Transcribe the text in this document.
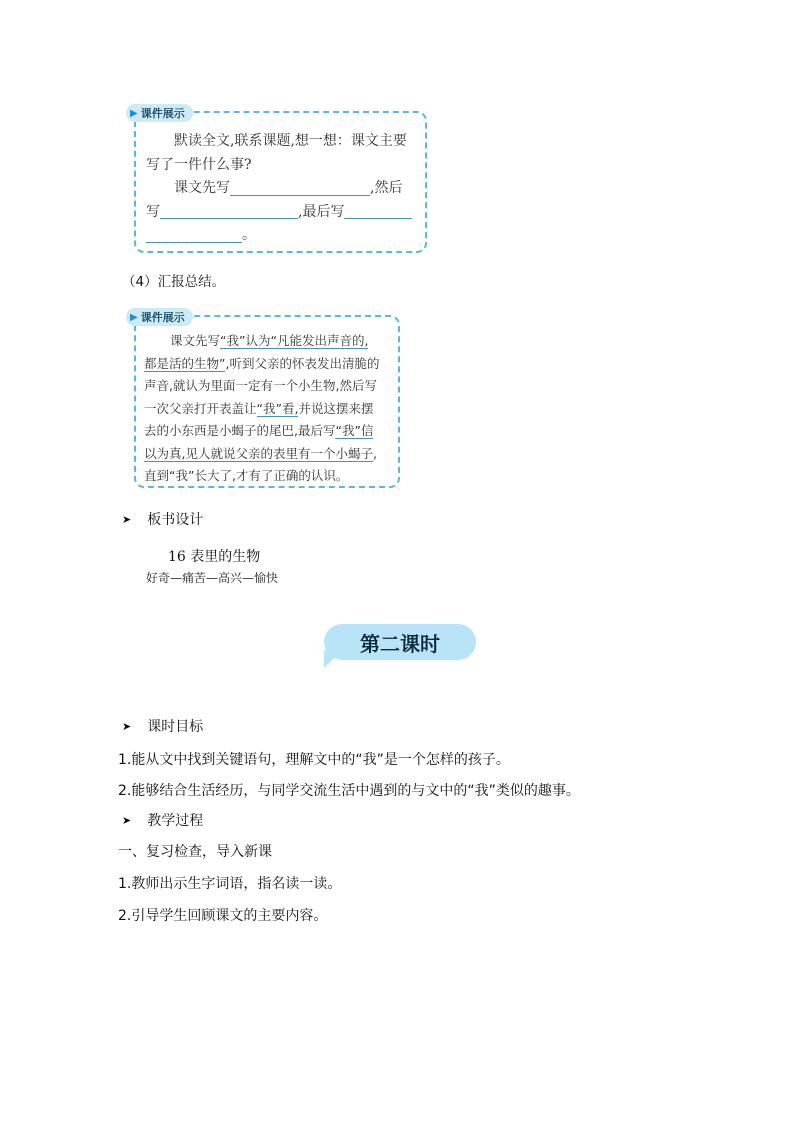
▶ 课件展示
默读全文,联系课题,想一想：课文主要
写了一件什么事?
课文先写	,然后
写	,最后写
。
（4）汇报总结。
▶ 课件展示
课文先写“我”认为“凡能发出声音的,
都是活的生物”,听到父亲的怀表发出清脆的
声音,就认为里面一定有一个小生物,然后写
一次父亲打开表盖让“我”看,并说这摆来摆
去的小东西是小蝎子的尾巴,最后写“我”信
以为真,见人就说父亲的表里有一个小蝎子,
直到“我”长大了,才有了正确的认识。
➤ 板书设计
16 表里的生物
好奇—痛苦—高兴—愉快
第二课时
➤ 课时目标
1.能从文中找到关键语句，理解文中的“我”是一个怎样的孩子。
2.能够结合生活经历，与同学交流生活中遇到的与文中的“我”类似的趣事。
➤ 教学过程
一、复习检查，导入新课
1.教师出示生字词语，指名读一读。
2.引导学生回顾课文的主要内容。
